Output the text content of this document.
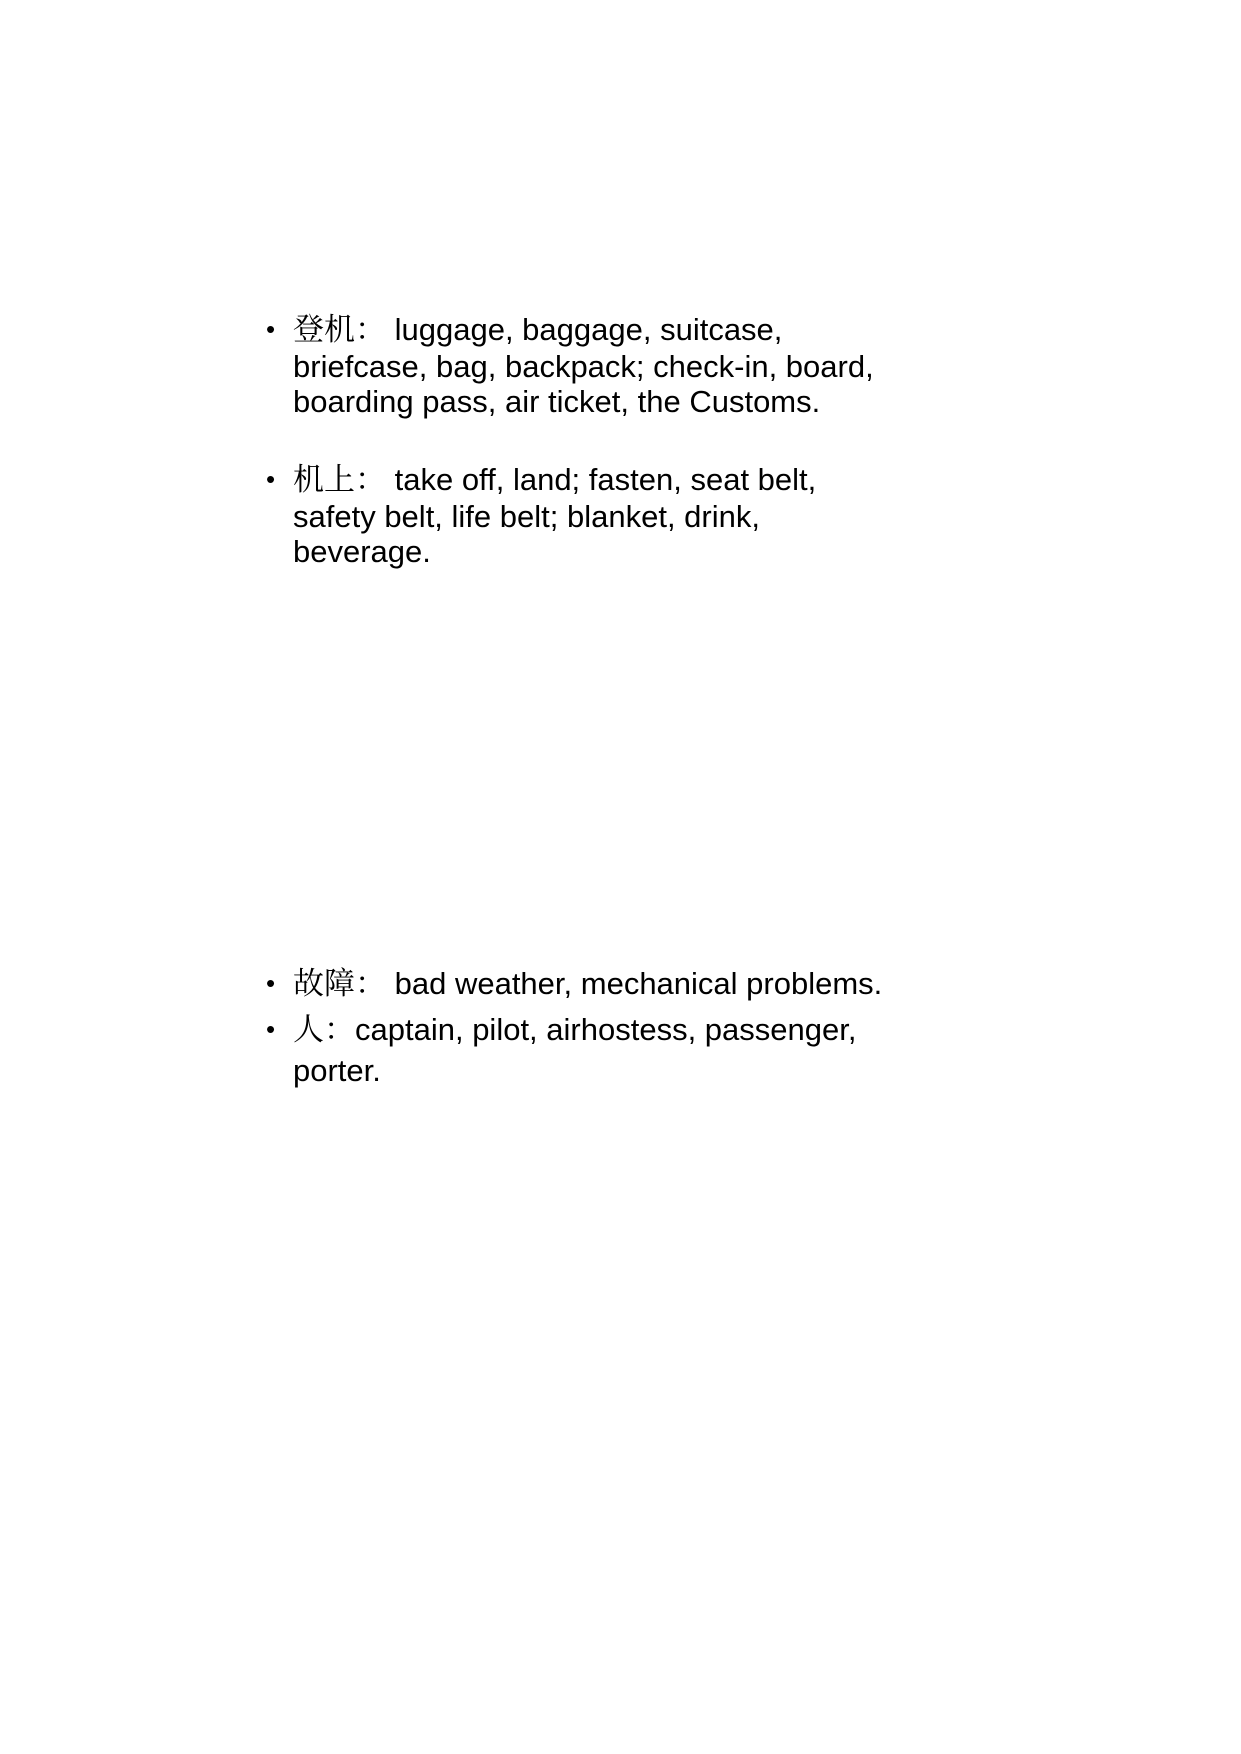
• 登机： luggage, baggage, suitcase,
briefcase, bag, backpack; check-in, board,
boarding pass, air ticket, the Customs.
• 机上： take off, land; fasten, seat belt,
safety belt, life belt; blanket, drink,
beverage.
• 故障： bad weather, mechanical problems.
• 人：captain, pilot, airhostess, passenger,
porter.
